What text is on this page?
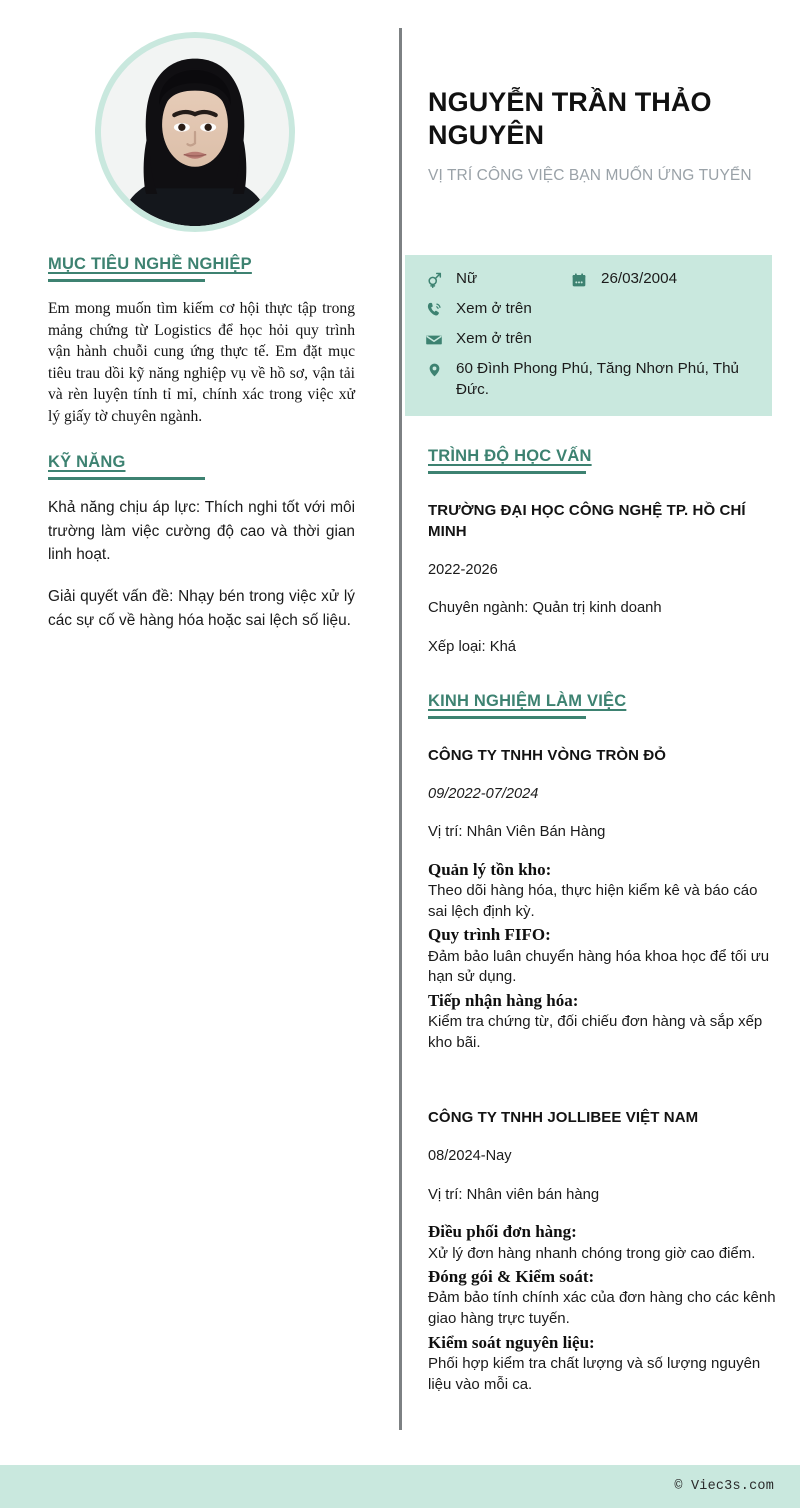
MỤC TIÊU NGHỀ NGHIỆP

Em mong muốn tìm kiếm cơ hội thực tập trong mảng chứng từ Logistics để học hỏi quy trình vận hành chuỗi cung ứng thực tế. Em đặt mục tiêu trau dồi kỹ năng nghiệp vụ về hồ sơ, vận tải và rèn luyện tính tỉ mỉ, chính xác trong việc xử lý giấy tờ chuyên ngành.

KỸ NĂNG

Khả năng chịu áp lực: Thích nghi tốt với môi trường làm việc cường độ cao và thời gian linh hoạt.

Giải quyết vấn đề: Nhạy bén trong việc xử lý các sự cố về hàng hóa hoặc sai lệch số liệu.

NGUYỄN TRẦN THẢO NGUYÊN

VỊ TRÍ CÔNG VIỆC BẠN MUỐN ỨNG TUYỂN

Nữ	26/03/2004
Xem ở trên
Xem ở trên
60 Đình Phong Phú, Tăng Nhơn Phú, Thủ Đức.
TRÌNH ĐỘ HỌC VẤN
TRƯỜNG ĐẠI HỌC CÔNG NGHỆ TP. HỒ CHÍ MINH
2022-2026
Chuyên ngành: Quản trị kinh doanh
Xếp loại: Khá
KINH NGHIỆM LÀM VIỆC
CÔNG TY TNHH VÒNG TRÒN ĐỎ
09/2022-07/2024
Vị trí: Nhân Viên Bán Hàng
Quản lý tồn kho:
Theo dõi hàng hóa, thực hiện kiểm kê và báo cáo sai lệch định kỳ.
Quy trình FIFO:
Đảm bảo luân chuyển hàng hóa khoa học để tối ưu hạn sử dụng.
Tiếp nhận hàng hóa:
Kiểm tra chứng từ, đối chiếu đơn hàng và sắp xếp kho bãi.
CÔNG TY TNHH JOLLIBEE VIỆT NAM
08/2024-Nay
Vị trí: Nhân viên bán hàng
Điều phối đơn hàng:
Xử lý đơn hàng nhanh chóng trong giờ cao điểm.
Đóng gói & Kiểm soát:
Đảm bảo tính chính xác của đơn hàng cho các kênh giao hàng trực tuyến.
Kiểm soát nguyên liệu:
Phối hợp kiểm tra chất lượng và số lượng nguyên liệu vào mỗi ca.
© Viec3s.com
